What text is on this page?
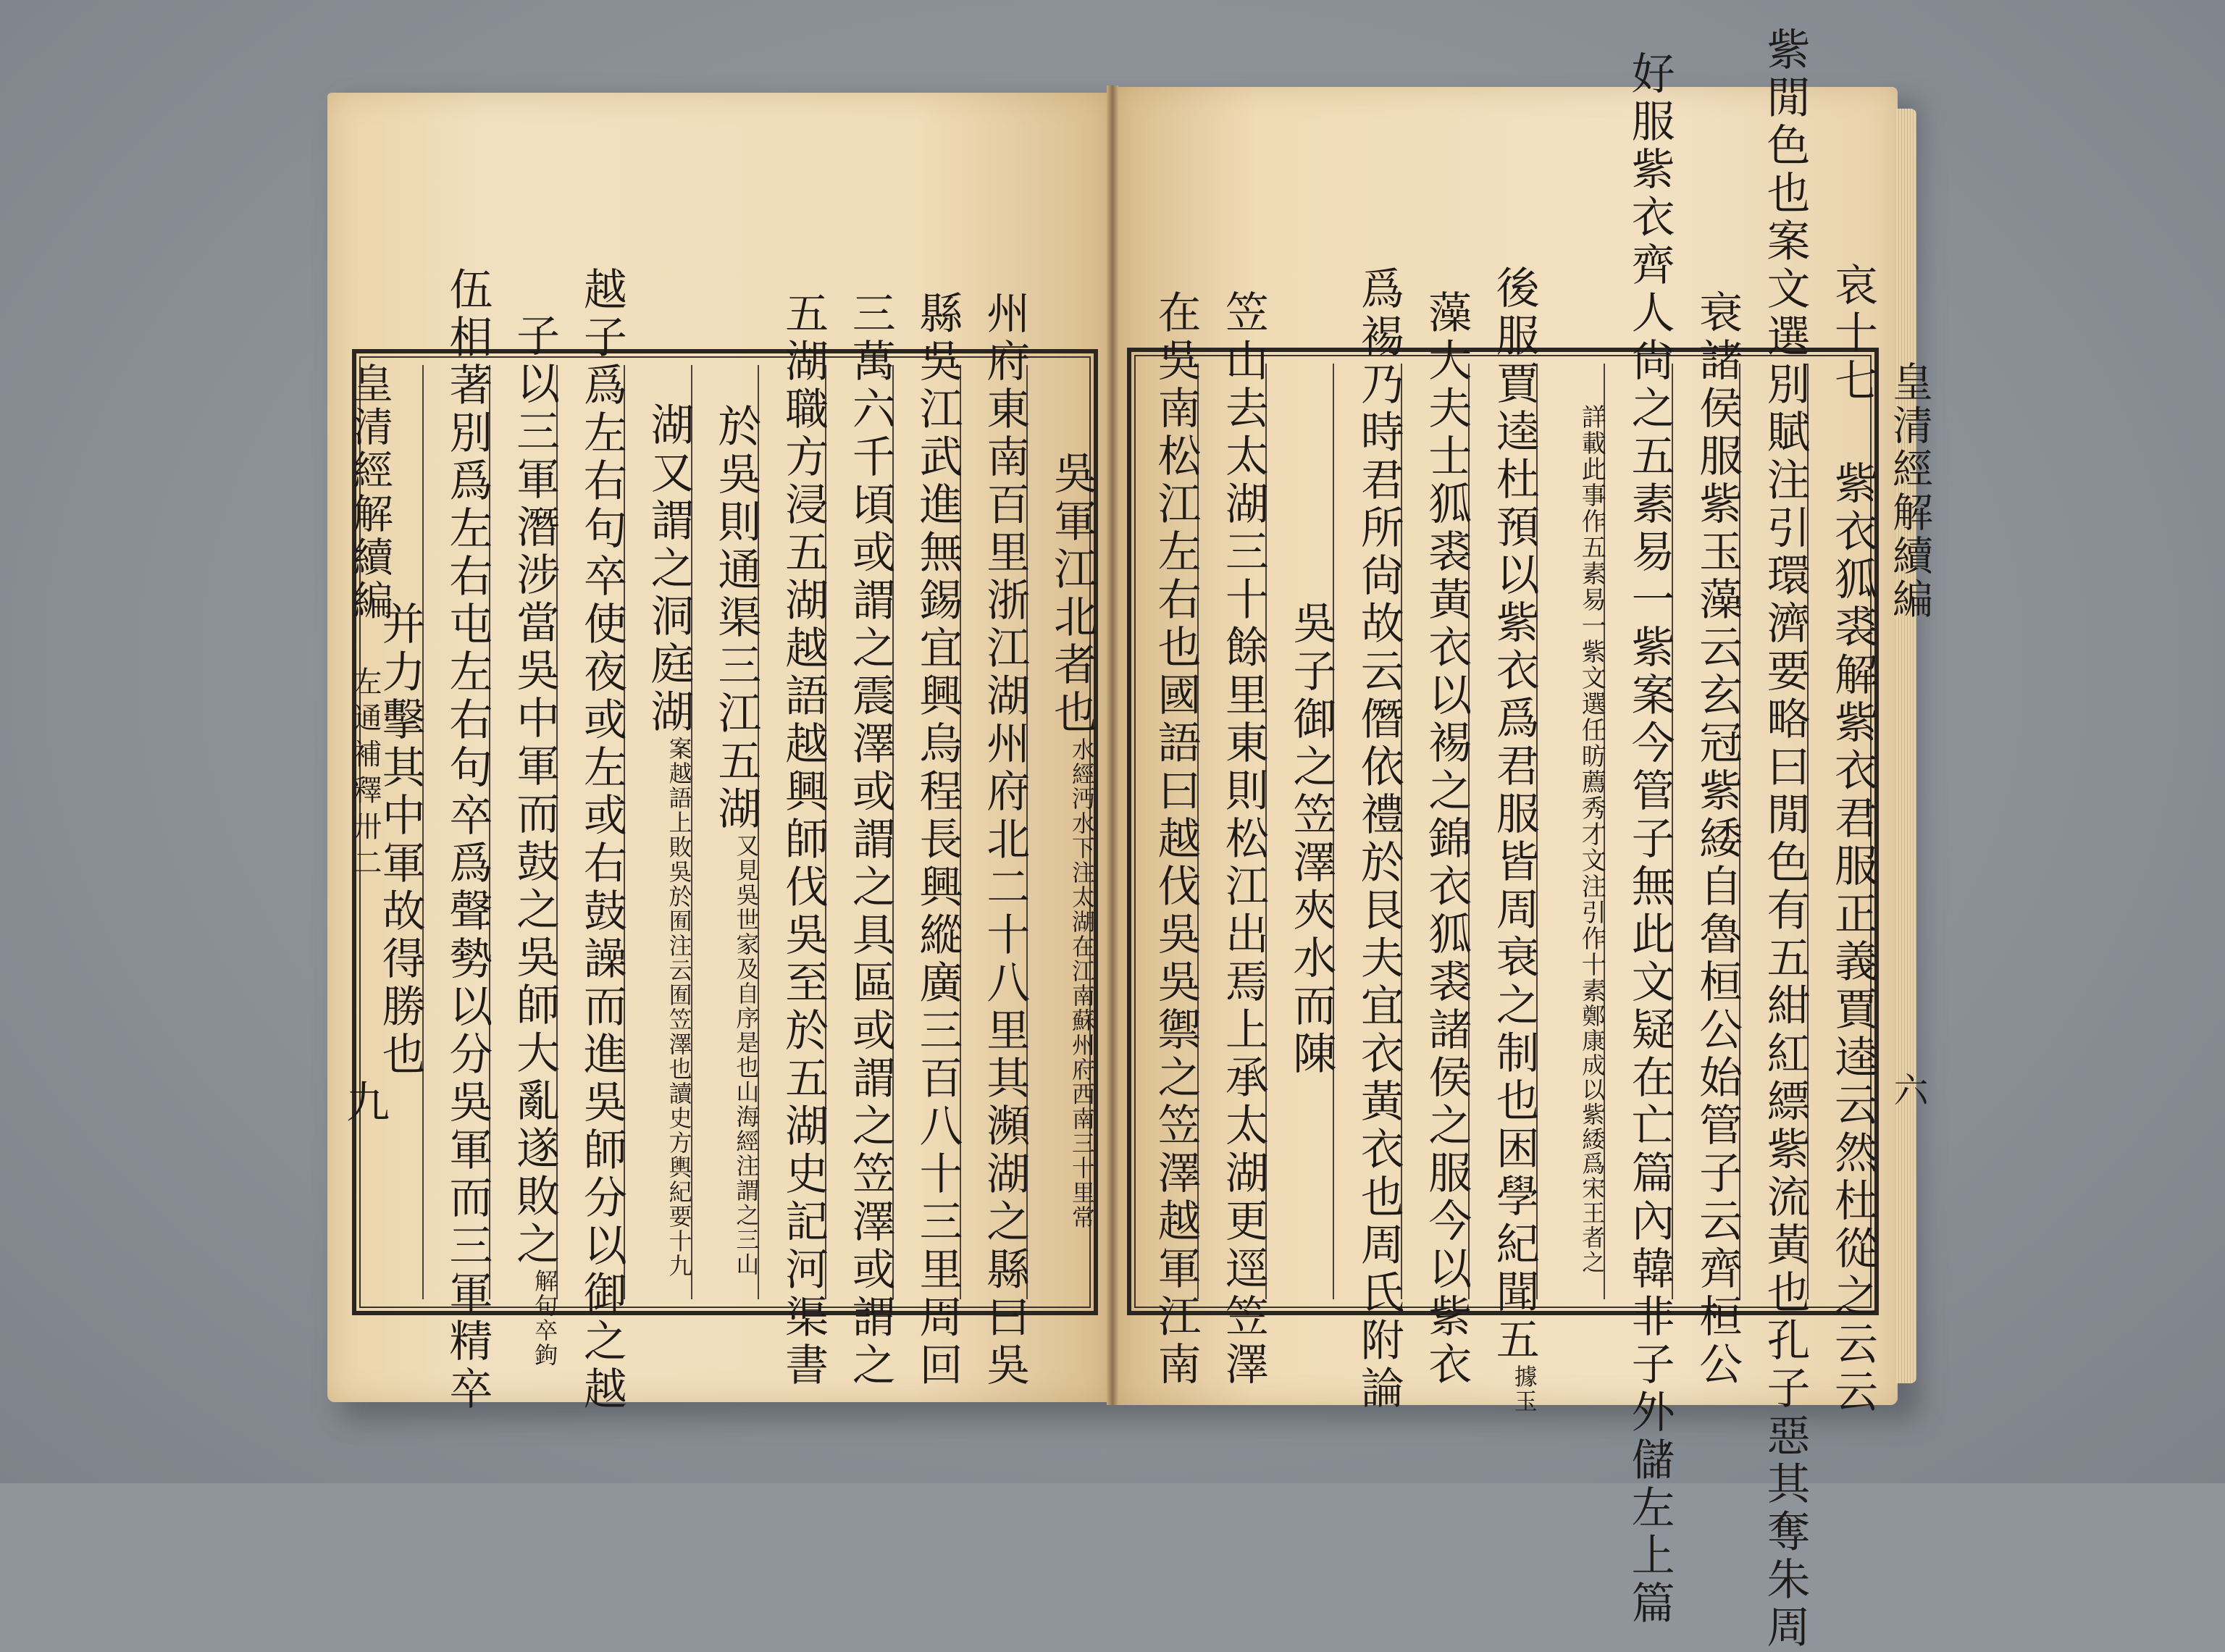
吳軍江北者也
水經沔水下注太湖在江南蘇州府西南三十里常
州府東南百里浙江湖州府北二十八里其瀕湖之縣曰吳
縣吳江武進無錫宜興烏程長興縱廣三百八十三里周回
三萬六千頃或謂之震澤或謂之具區或謂之笠澤或謂之
五湖職方浸五湖越語越興師伐吳至於五湖史記河渠書
於吳則通渠三江五湖
又見吳世家及自序是也山海經注謂之三山
湖又謂之洞庭湖
案越語上敗吳於囿注云囿笠澤也讀史方輿紀要十九
越子爲左右句卒使夜或左或右鼓譟而進吳師分以御之越
子以三軍潛涉當吳中軍而鼓之吳師大亂遂敗之
解句卒鉤
伍相著別爲左右屯左右句卒爲聲勢以分吳軍而三軍精卒
并力擊其中軍故得勝也	哀十七 紫衣狐裘解紫衣君服正義賈逵云然杜從之云云
紫閒色也案文選別賦注引環濟要略曰閒色有五紺紅縹紫流黃也孔子惡其奪朱周
衰諸侯服紫玉藻云玄冠紫緌自魯桓公始管子云齊桓公
好服紫衣齊人尙之五素易一紫案今管子無此文疑在亡篇內韓非子外儲左上篇
詳載此事作五素易一紫文選任昉薦秀才文注引作十素
鄭康成以紫緌爲宋王者之
後服賈逵杜預以紫衣爲君服皆周衰之制也困學紀聞五
據玉
藻大夫士狐裘黃衣以裼之錦衣狐裘諸侯之服今以紫衣
爲裼乃時君所尙故云僭依禮於艮夫宜衣黃衣也周氏附論
吳子御之笠澤夾水而陳
笠山去太湖三十餘里東則松江出焉上承太湖更逕笠澤
在吳南松江左右也國語曰越伐吳吳禦之笠澤越軍江南
皇清經解續編
左通補釋卅二
九
皇清經解續編
六
